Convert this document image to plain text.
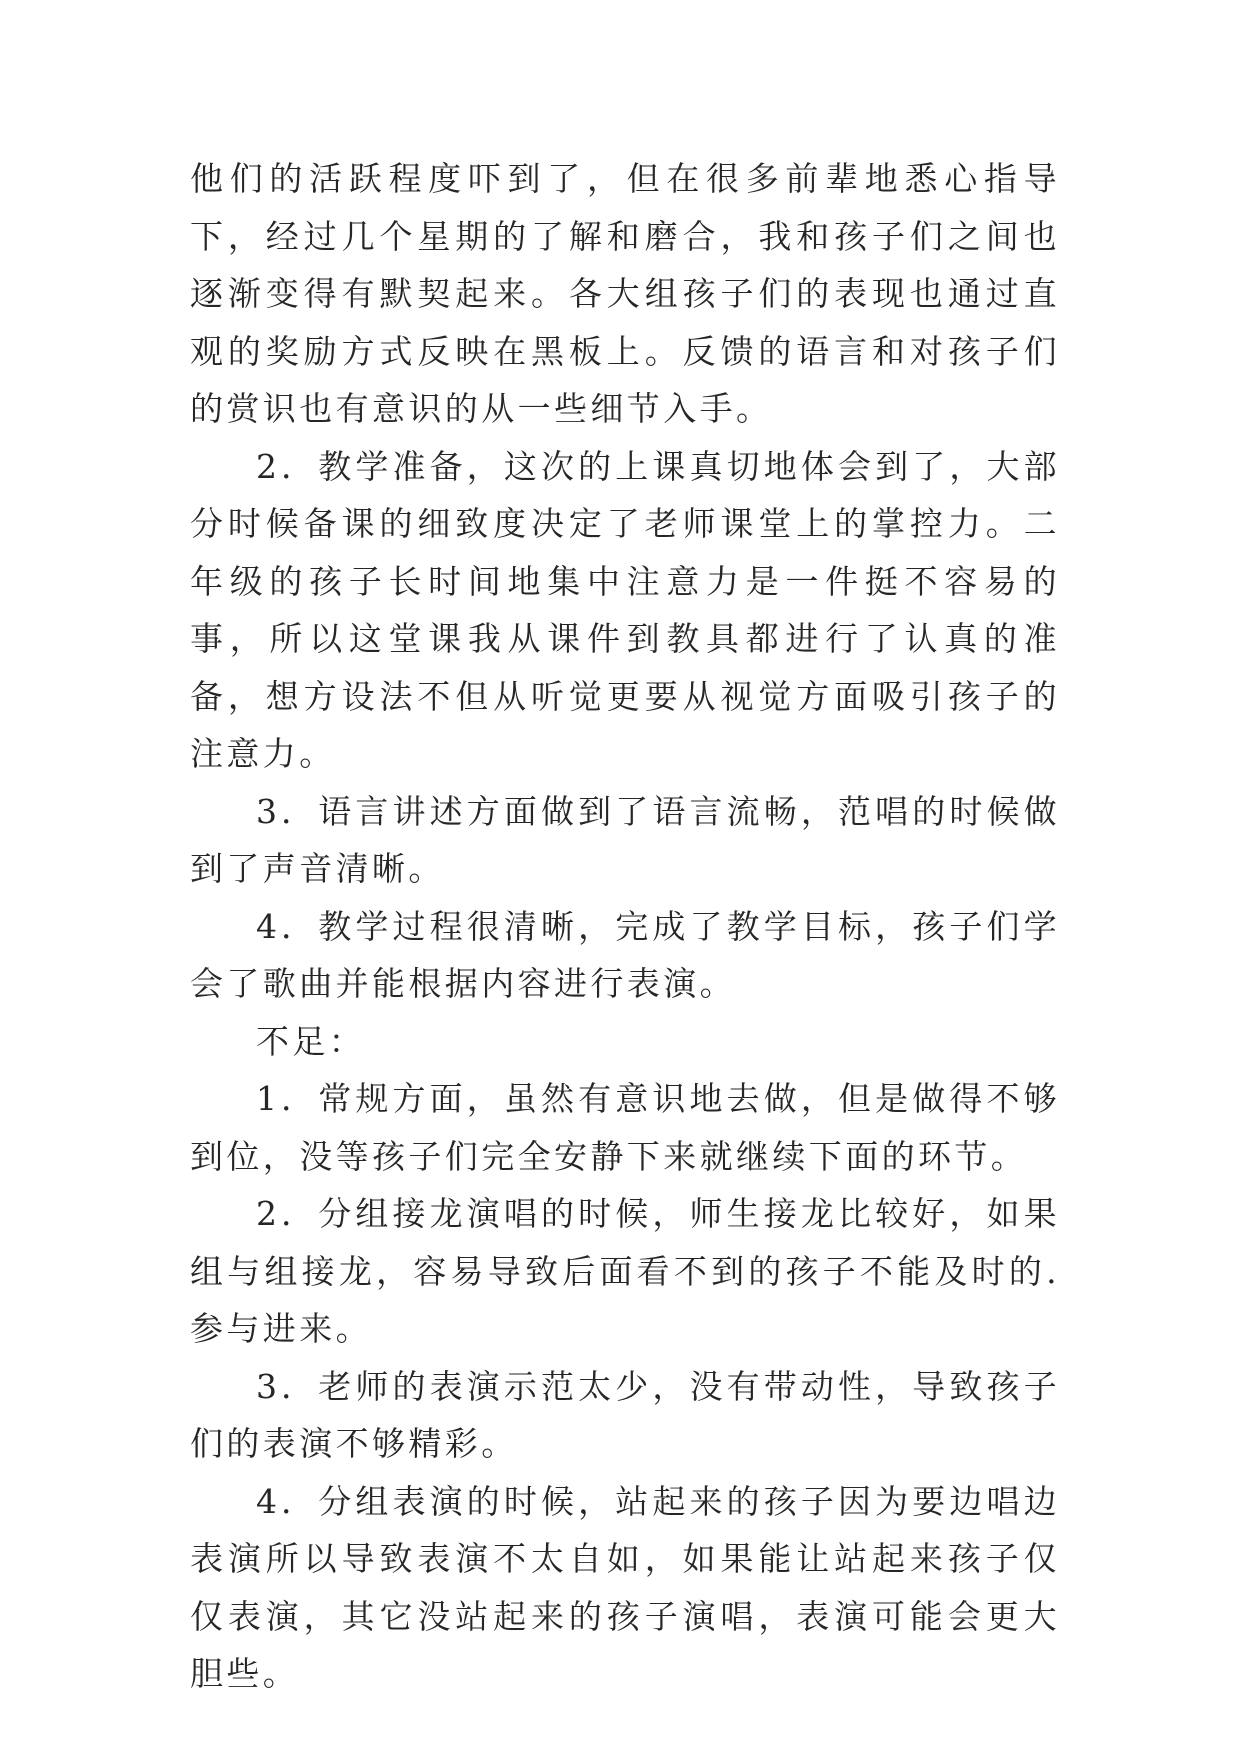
他们的活跃程度吓到了，但在很多前辈地悉心指导下，经过几个星期的了解和磨合，我和孩子们之间也逐渐变得有默契起来。各大组孩子们的表现也通过直观的奖励方式反映在黑板上。反馈的语言和对孩子们的赏识也有意识的从一些细节入手。

2．教学准备，这次的上课真切地体会到了，大部分时候备课的细致度决定了老师课堂上的掌控力。二年级的孩子长时间地集中注意力是一件挺不容易的事，所以这堂课我从课件到教具都进行了认真的准备，想方设法不但从听觉更要从视觉方面吸引孩子的注意力。

3．语言讲述方面做到了语言流畅，范唱的时候做到了声音清晰。

4．教学过程很清晰，完成了教学目标，孩子们学会了歌曲并能根据内容进行表演。

不足：

1．常规方面，虽然有意识地去做，但是做得不够到位，没等孩子们完全安静下来就继续下面的环节。

2．分组接龙演唱的时候，师生接龙比较好，如果组与组接龙，容易导致后面看不到的孩子不能及时的.参与进来。

3．老师的表演示范太少，没有带动性，导致孩子们的表演不够精彩。

4．分组表演的时候，站起来的孩子因为要边唱边表演所以导致表演不太自如，如果能让站起来孩子仅仅表演，其它没站起来的孩子演唱，表演可能会更大胆些。
